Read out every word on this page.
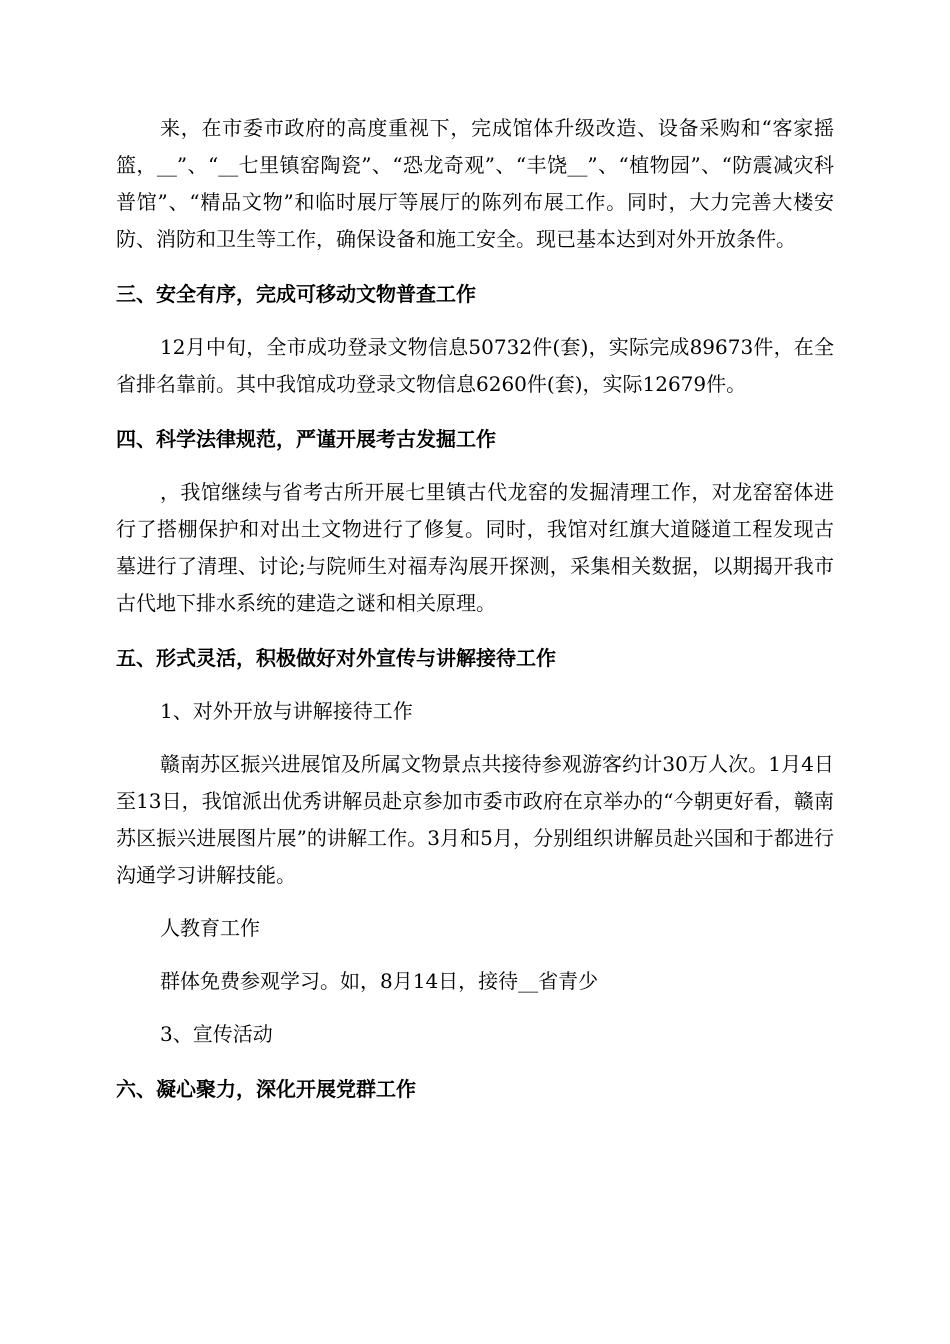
来，在市委市政府的高度重视下，完成馆体升级改造、设备采购和“客家摇篮，__”、“__七里镇窑陶瓷”、“恐龙奇观”、“丰饶__”、“植物园”、“防震减灾科普馆”、“精品文物”和临时展厅等展厅的陈列布展工作。同时，大力完善大楼安防、消防和卫生等工作，确保设备和施工安全。现已基本达到对外开放条件。

三、安全有序，完成可移动文物普查工作

12月中旬，全市成功登录文物信息50732件(套)，实际完成89673件，在全省排名靠前。其中我馆成功登录文物信息6260件(套)，实际12679件。

四、科学法律规范，严谨开展考古发掘工作

，我馆继续与省考古所开展七里镇古代龙窑的发掘清理工作，对龙窑窑体进行了搭棚保护和对出土文物进行了修复。同时，我馆对红旗大道隧道工程发现古墓进行了清理、讨论;与院师生对福寿沟展开探测，采集相关数据，以期揭开我市古代地下排水系统的建造之谜和相关原理。

五、形式灵活，积极做好对外宣传与讲解接待工作

1、对外开放与讲解接待工作

赣南苏区振兴进展馆及所属文物景点共接待参观游客约计30万人次。1月4日至13日，我馆派出优秀讲解员赴京参加市委市政府在京举办的“今朝更好看，赣南苏区振兴进展图片展”的讲解工作。3月和5月，分别组织讲解员赴兴国和于都进行沟通学习讲解技能。

人教育工作

群体免费参观学习。如，8月14日，接待__省青少

3、宣传活动

六、凝心聚力，深化开展党群工作
